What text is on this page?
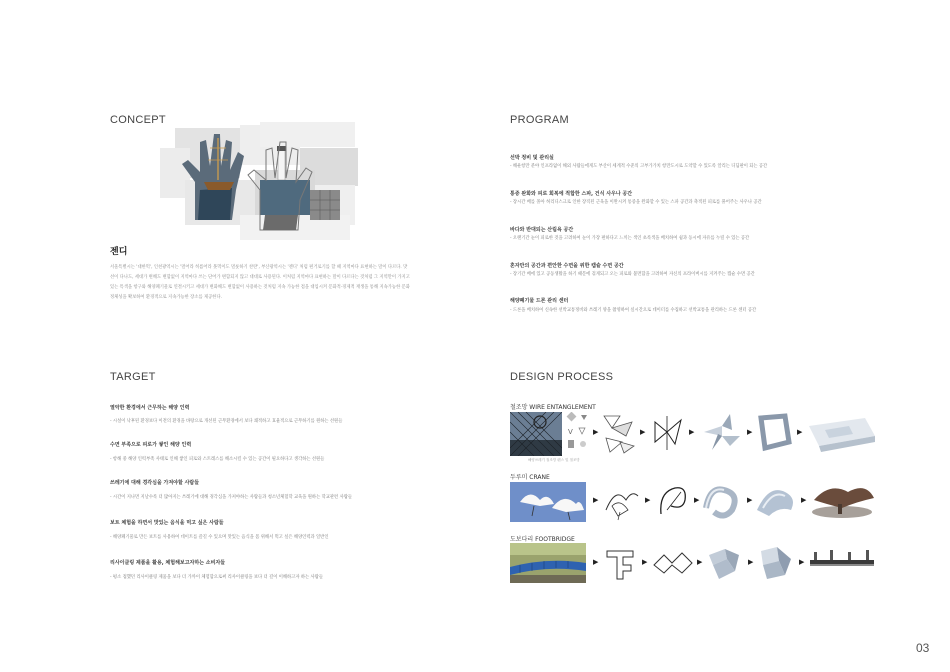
CONCEPT
젠디
서울특별시는 '대한먹', 인천광역시는 '멀어라 히릅어라 못먹이도 멀룻하기 찬란', 부산광역시는 '젠디' 처럼 편거로기를 할 때 지역마다 표현하는 말이 다르다. 맛선이 다나도, 세대가 변해도 변함없이 지역마다 쓰는 단어가 변함되지 않고 대대로 사용된다. 이처럼 지역마다 표현하는 말이 다르다는 것처럼 그 지역만이 가지고 있는 특색을 항구와 해양폐기물로 연결시키고 세대가 변화해도 변함없이 사용하는 것처럼 지속 가능한 점을 대입시켜 문화적·경제적 재생을 통해 지속가능한 문화정체성을 확보하여 환경적으로 지속가능한 장소를 제공한다.
PROGRAM
선박 정비 및 관리실
- 해운항만 분야 인프라없이 해외 사람들에게도 부산이 세계적 수준의 고부가가치 항만도시로 도약할 수 있도록 알리는 디딤판이 되는 공간
통증 완화와 피로 회복에 적합한 스파, 건식 사우나 공간
- 장시간 배를 몰아 허리디스크로 인한 장직된 근육을 이완시켜 통증을 완화할 수 있는 스파 공간과 축적된 피로를 풀어주는 사우나 공간
바다와 반대되는 산림욕 공간
- 오랜기간 눈이 피로한 것을 고려하여 눈이 가장 편하다고 느끼는 색인 초록색을 배치하여 쉼과 동시에 자유를 누릴 수 있는 공간
혼자만의 공간과 편안한 수면을 위한 캡슐 수면 공간
- 장기간 배에 있고 공동생활을 하기 때문에 겪게되고 오는 피로와 불면함을 고려하여 자신의 프라이버시를 지켜주는 캡슐 수면 공간
해양폐기물 드론 관리 센터
- 드론을 배치하여 신속한 선박교통정비와 쓰레기 양을 촬영하여 실시간으로 데이터를 수집하고 선박교통을 관리하는 드론 센터 공간
TARGET
열악한 환경에서 근무하는 해양 인력
- 시설이 낙후된 환경보다 이전의 환경을 바탕으로 개선된 근무환경에서 보다 쾌적하고 효율적으로 근무하기를 원하는 선원들
수면 부족으로 피로가 쌓인 해양 인력
- 항해 중 해양 인력부족 사태로 인해 쌓인 피로와 스트레스를 해소시킬 수 있는 공간이 필요하다고 생각하는 선원들
쓰레기에 대해 경각심을 가져야할 사람들
- 시간이 지나면 지날수록 더 많아지는 쓰레기에 대해 경각심을 가져야하는 사람들과 청소년체험학 교육을 원하는 학교관련 사람들
보트 체험을 하면서 맛있는 음식을 먹고 싶은 사람들
- 해양폐기물로 만든 보트를 사용하여 데이트를 즐길 수 있으며 맛있는 음식을 몸 위해서 먹고 싶은 해양인력과 일반인
리사이클링 제품을 활용, 체험해보고자하는 소비자들
- 평소 접했던 리사이클링 제품을 보다 더 가까이 체험함으로써 리사이클링을 보다 더 깊이 이해하고자 하는 사람들
DESIGN PROCESS
철조망 WIRE ENTANGLEMENT
해양쓰레기 철조망 펜스 및 철조망
V	▶	▶	▶	▶	▶
두루미 CRANE
▶	▶	▶	▶	▶
도보다리 FOOTBRIDGE
▶	▶	▶	▶	▶
03
